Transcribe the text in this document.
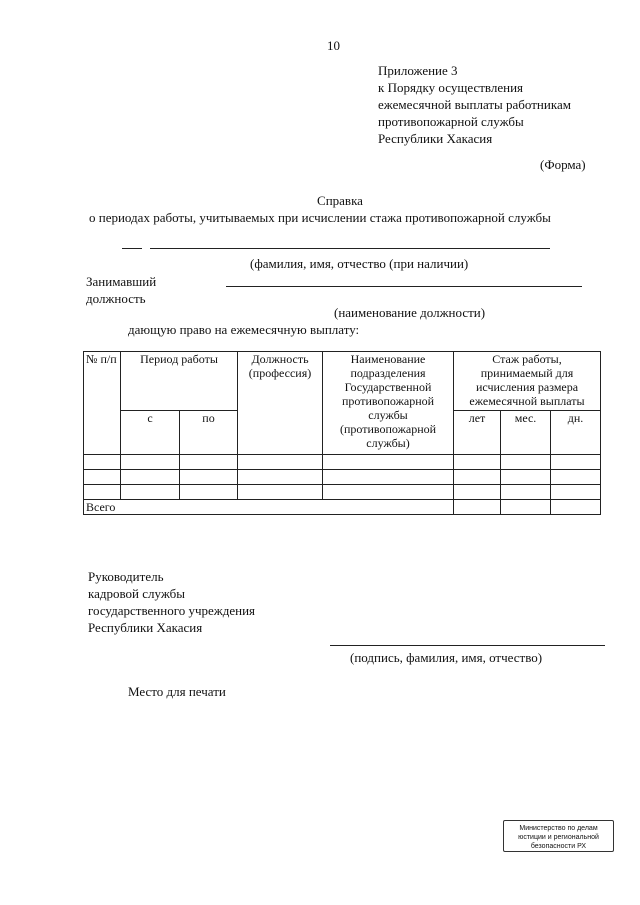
10
Приложение 3
к Порядку осуществления
ежемесячной выплаты работникам
противопожарной службы
Республики Хакасия
(Форма)
Справка
о периодах работы, учитываемых при исчислении стажа противопожарной службы
(фамилия, имя, отчество (при наличии)
Занимавший
должность
(наименование должности)
дающую право на ежемесячную выплату:
№ п/п	Период работы		Должность (профессия)	Наименование подразделения Государственной противопожарной службы (противопожарной службы)	Стаж работы, принимаемый для исчисления размера ежемесячной выплаты		
	с	по			лет	мес.	дн.

Всего							
Руководитель
кадровой службы
государственного учреждения
Республики Хакасия
(подпись, фамилия, имя, отчество)
Место для печати
Министерство по делам
юстиции и региональной
безопасности РХ
